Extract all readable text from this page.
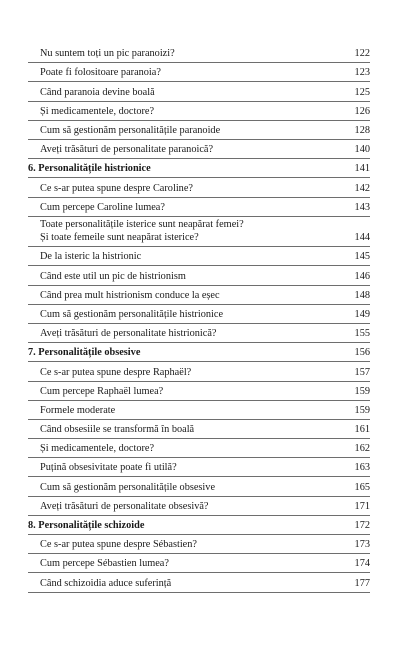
Nu suntem toți un pic paranoizi?	122
Poate fi folositoare paranoia?	123
Când paranoia devine boală	125
Și medicamentele, doctore?	126
Cum să gestionăm personalitățile paranoide	128
Aveți trăsături de personalitate paranoică?	140
6. Personalitățile histrionice	141
Ce s-ar putea spune despre Caroline?	142
Cum percepe Caroline lumea?	143
Toate personalitățile isterice sunt neapărat femei?
Și toate femeile sunt neapărat isterice?	144
De la isteric la histrionic	145
Când este util un pic de histrionism	146
Când prea mult histrionism conduce la eșec	148
Cum să gestionăm personalitățile histrionice	149
Aveți trăsături de personalitate histrionică?	155
7. Personalitățile obsesive	156
Ce s-ar putea spune despre Raphaël?	157
Cum percepe Raphaël lumea?	159
Formele moderate	159
Când obsesiile se transformă în boală	161
Și medicamentele, doctore?	162
Puțină obsesivitate poate fi utilă?	163
Cum să gestionăm personalitățile obsesive	165
Aveți trăsături de personalitate obsesivă?	171
8. Personalitățile schizoide	172
Ce s-ar putea spune despre Sébastien?	173
Cum percepe Sébastien lumea?	174
Când schizoidia aduce suferință	177
